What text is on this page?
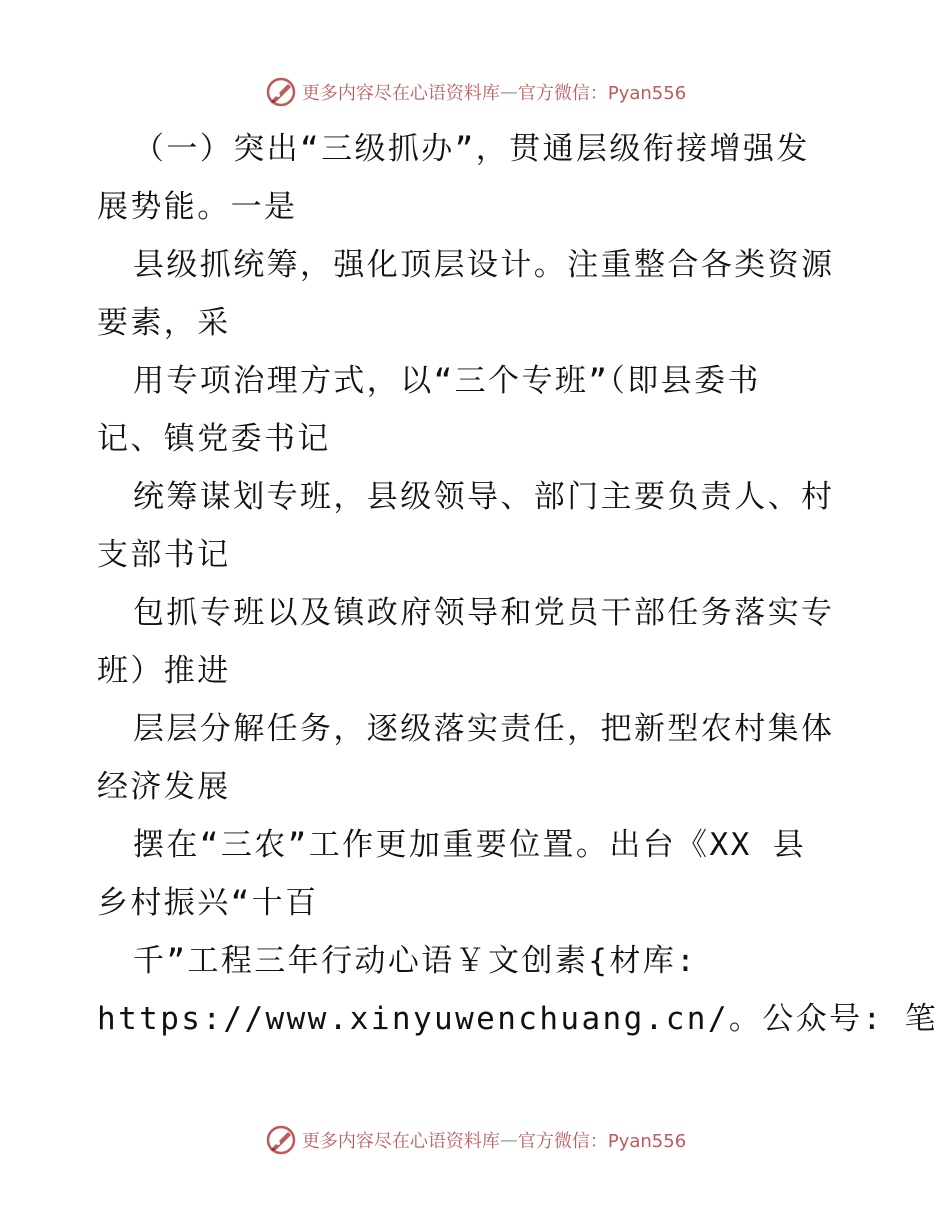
更多内容尽在心语资料库 — 官方微信：Pyan556
（一）突出“三级抓办”，贯通层级衔接增强发
展势能。一是
县级抓统筹，强化顶层设计。注重整合各类资源
要素，采
用专项治理方式，以“三个专班”（即县委书
记、镇党委书记
统筹谋划专班，县级领导、部门主要负责人、村
支部书记
包抓专班以及镇政府领导和党员干部任务落实专
班）推进
层层分解任务，逐级落实责任，把新型农村集体
经济发展
摆在“三农”工作更加重要位置。出台《XX 县
乡村振兴“十百
千”工程三年行动心语￥文创素{材库:
https://www.xinyuwenchuang.cn/。公众号: 笔
更多内容尽在心语资料库 — 官方微信：Pyan556
